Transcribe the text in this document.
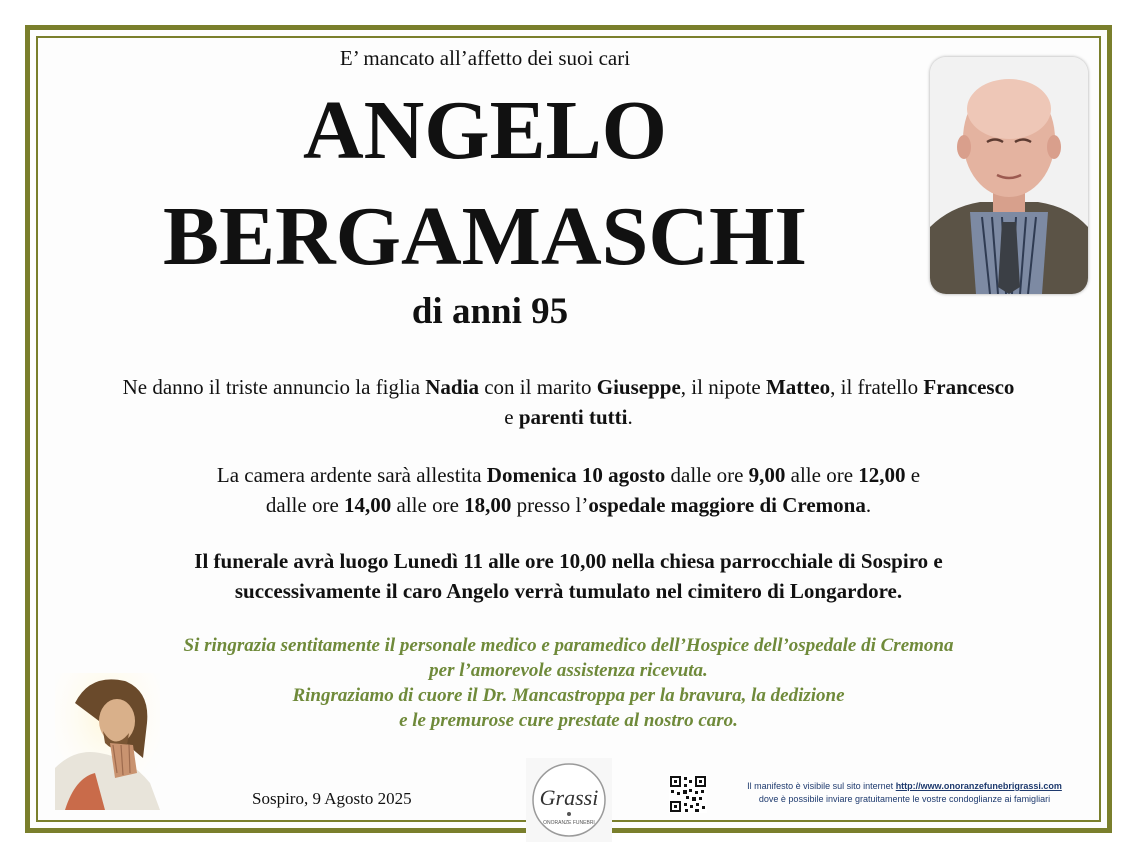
E’ mancato all’affetto dei suoi cari
ANGELO
BERGAMASCHI
di anni 95
Ne danno il triste annuncio la figlia Nadia con il marito Giuseppe, il nipote Matteo, il fratello Francesco
e parenti tutti.
La camera ardente sarà allestita Domenica 10 agosto dalle ore 9,00 alle ore 12,00 e
dalle ore 14,00 alle ore 18,00 presso l’ospedale maggiore di Cremona.
Il funerale avrà luogo Lunedì 11 alle ore 10,00 nella chiesa parrocchiale di Sospiro e
successivamente il caro Angelo verrà tumulato nel cimitero di Longardore.
Si ringrazia sentitamente il personale medico e paramedico dell’Hospice dell’ospedale di Cremona
per l’amorevole assistenza ricevuta.
Ringraziamo di cuore il Dr. Mancastroppa per la bravura, la dedizione
e le premurose cure prestate al nostro caro.
Sospiro, 9 Agosto 2025	Grassi
ONORANZE FUNEBRI
Il manifesto è visibile sul sito internet http://www.onoranzefunebrigrassi.com
dove è possibile inviare gratuitamente le vostre condoglianze ai famigliari
